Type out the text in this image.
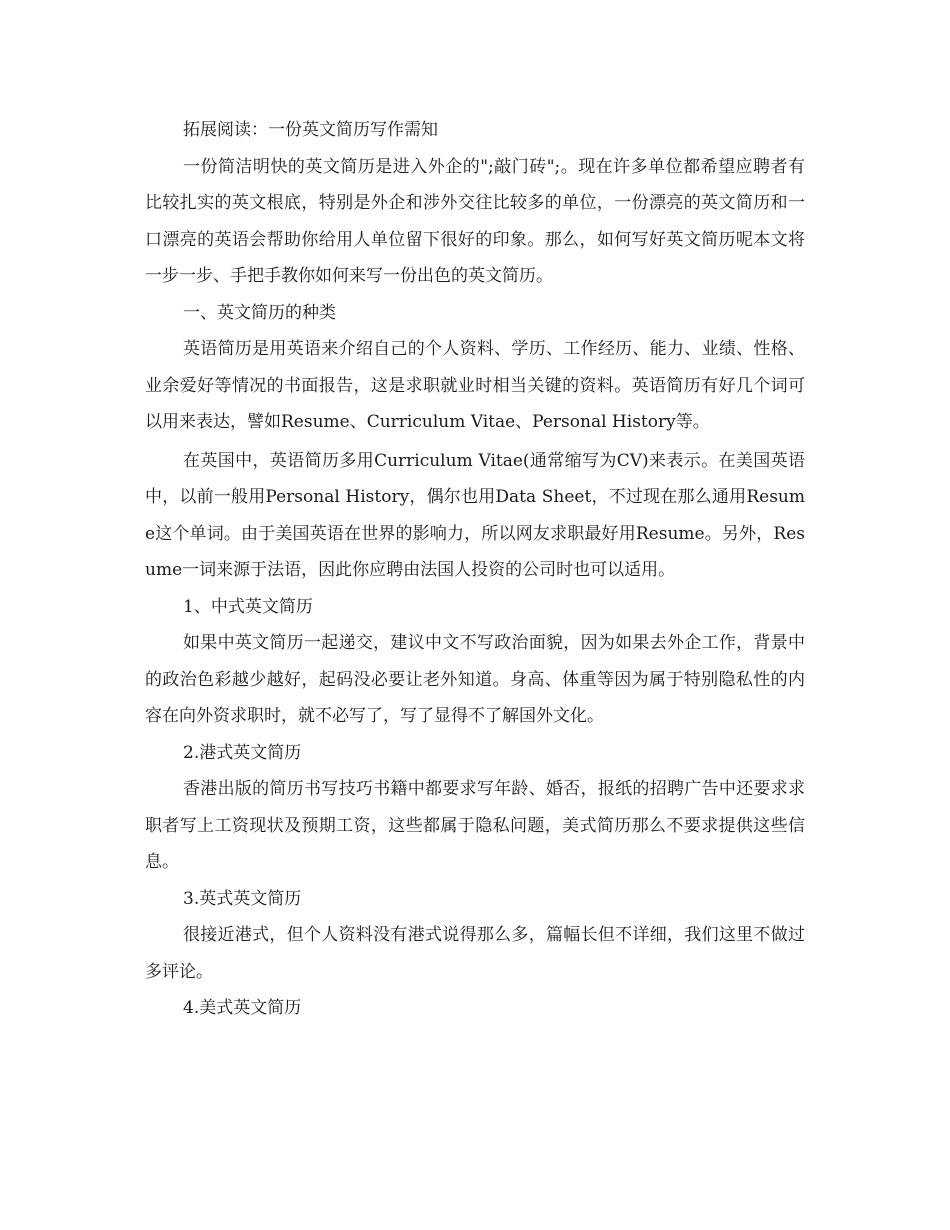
拓展阅读：一份英文简历写作需知

一份简洁明快的英文简历是进入外企的";敲门砖";。现在许多单位都希望应聘者有比较扎实的英文根底，特别是外企和涉外交往比较多的单位，一份漂亮的英文简历和一口漂亮的英语会帮助你给用人单位留下很好的印象。那么，如何写好英文简历呢本文将一步一步、手把手教你如何来写一份出色的英文简历。

一、英文简历的种类

英语简历是用英语来介绍自己的个人资料、学历、工作经历、能力、业绩、性格、业余爱好等情况的书面报告，这是求职就业时相当关键的资料。英语简历有好几个词可以用来表达，譬如Resume、Curriculum Vitae、Personal History等。

在英国中，英语简历多用Curriculum Vitae(通常缩写为CV)来表示。在美国英语中，以前一般用Personal History，偶尔也用Data Sheet，不过现在那么通用Resume这个单词。由于美国英语在世界的影响力，所以网友求职最好用Resume。另外，Resume一词来源于法语，因此你应聘由法国人投资的公司时也可以适用。

1、中式英文简历

如果中英文简历一起递交，建议中文不写政治面貌，因为如果去外企工作，背景中的政治色彩越少越好，起码没必要让老外知道。身高、体重等因为属于特别隐私性的内容在向外资求职时，就不必写了，写了显得不了解国外文化。

2.港式英文简历

香港出版的简历书写技巧书籍中都要求写年龄、婚否，报纸的招聘广告中还要求求职者写上工资现状及预期工资，这些都属于隐私问题，美式简历那么不要求提供这些信息。

3.英式英文简历

很接近港式，但个人资料没有港式说得那么多，篇幅长但不详细，我们这里不做过多评论。

4.美式英文简历
